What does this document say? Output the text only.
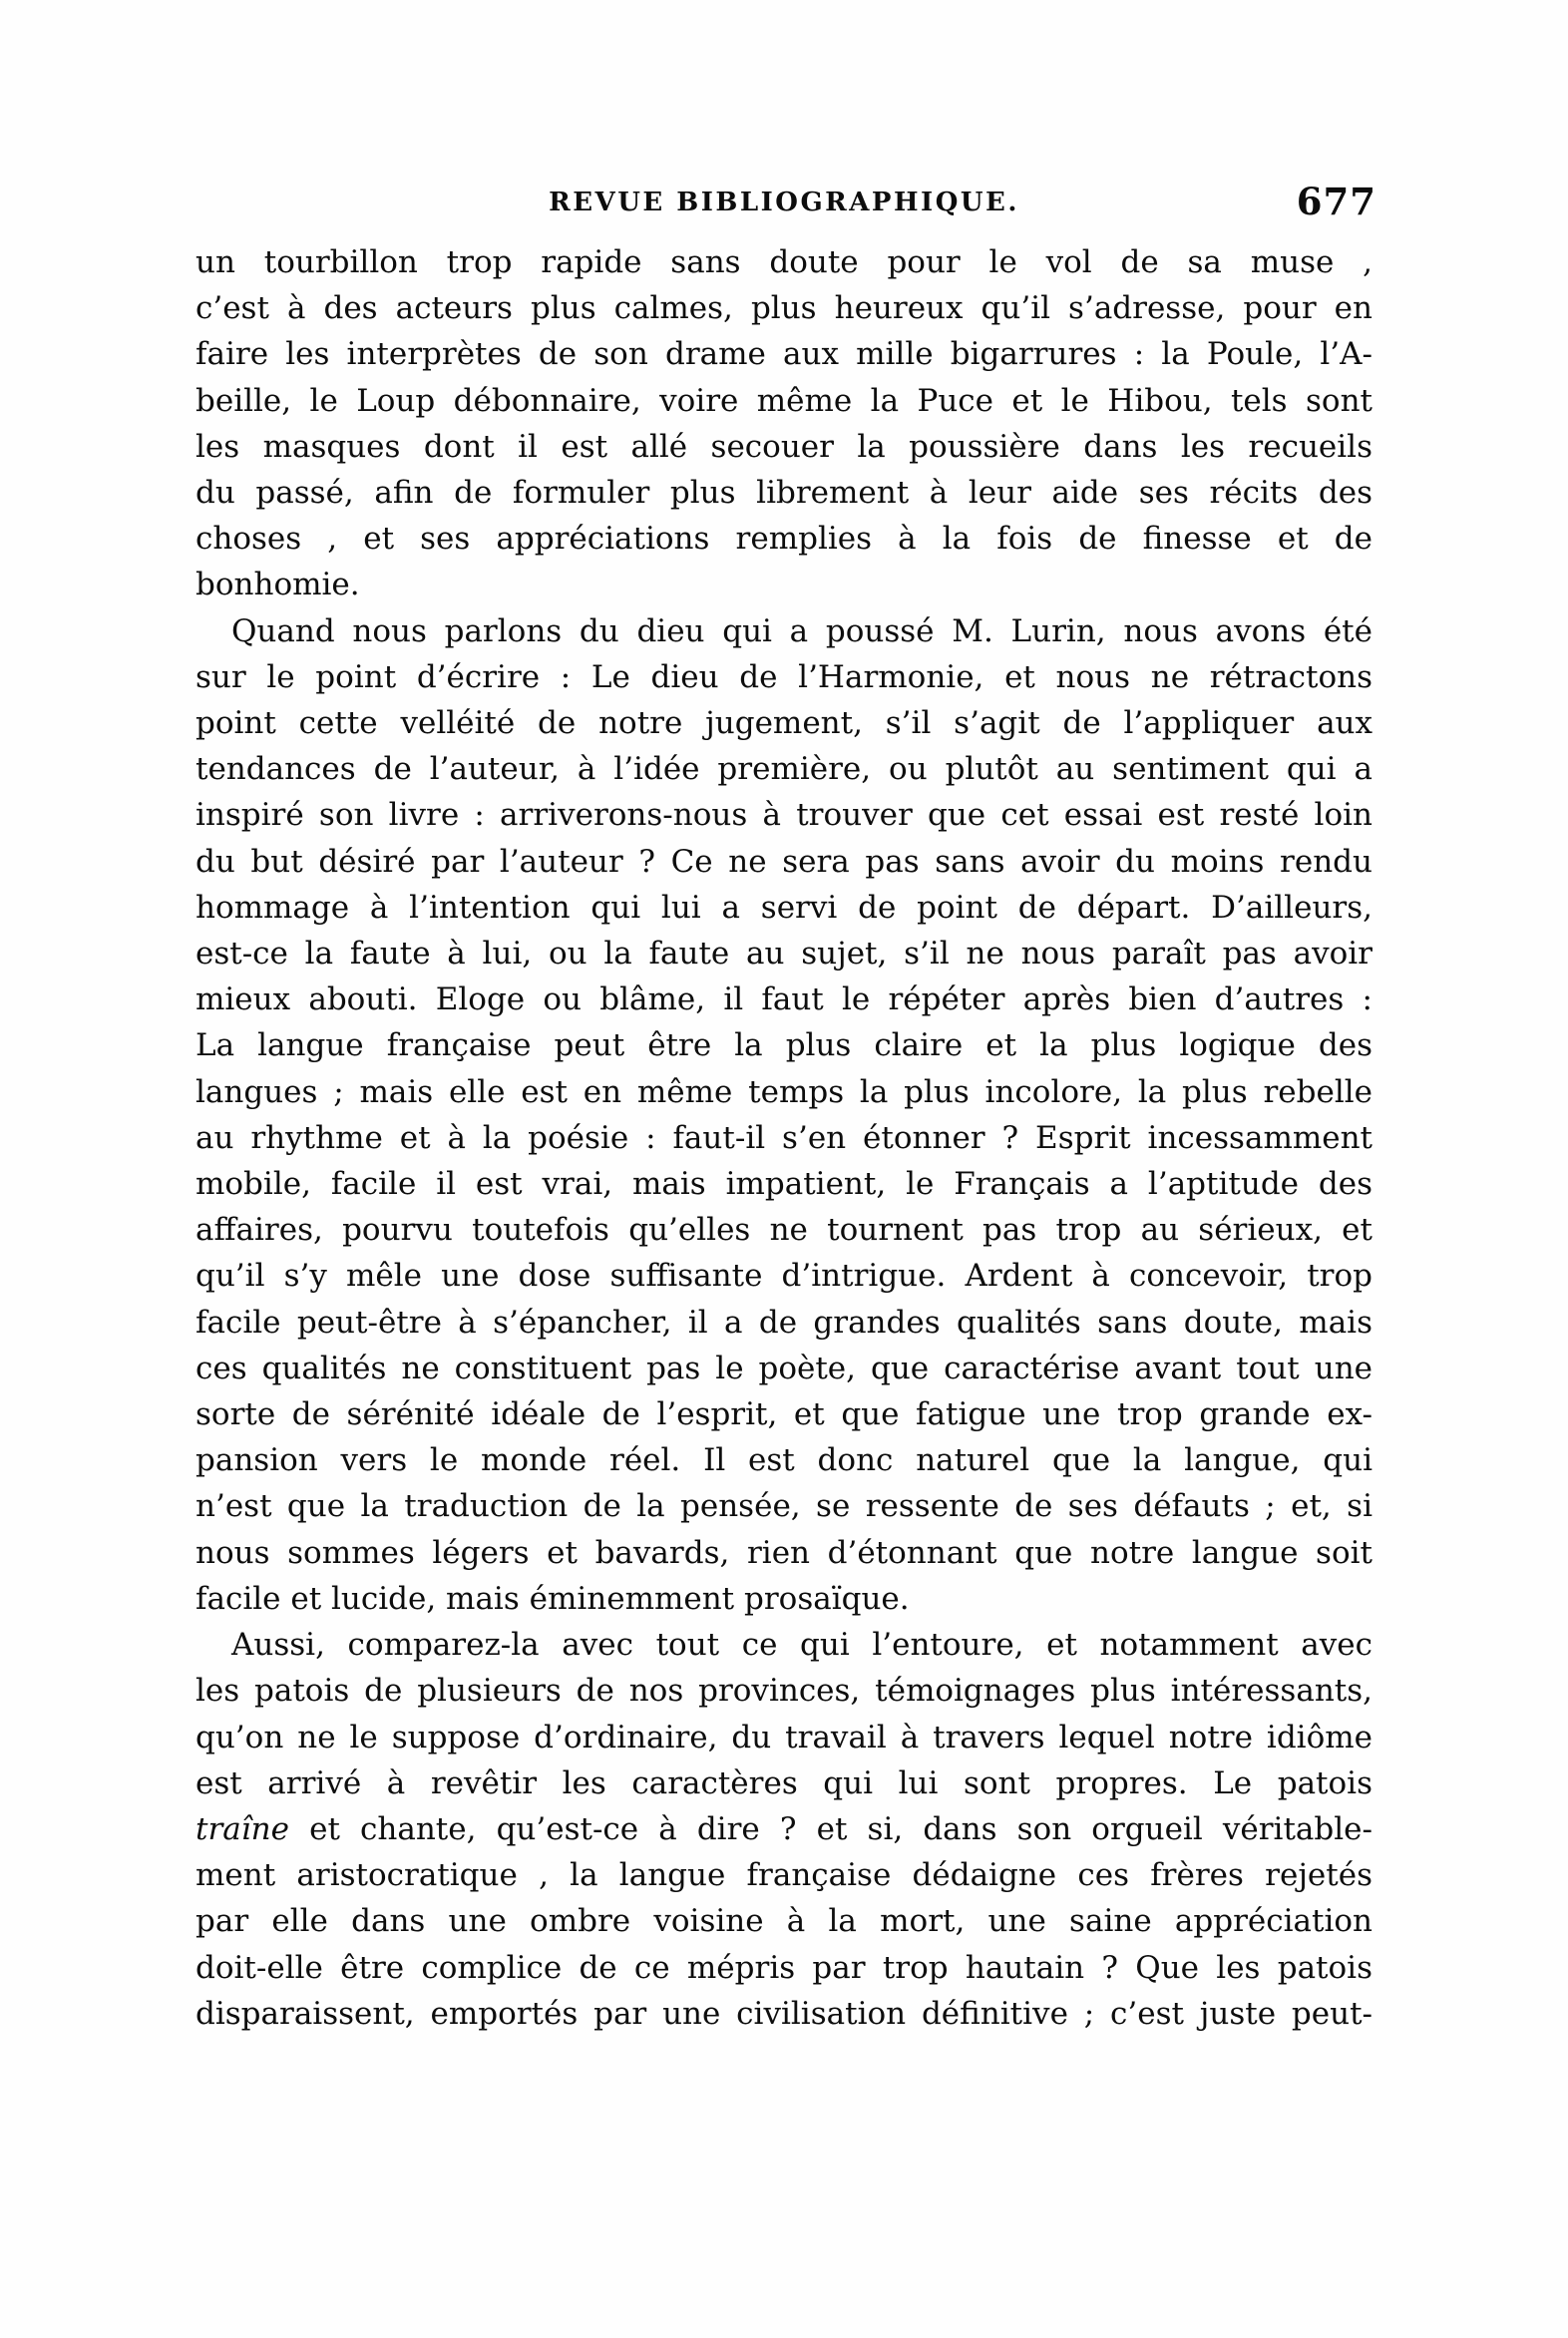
REVUE BIBLIOGRAPHIQUE.	677
un tourbillon trop rapide sans doute pour le vol de sa muse ,
c’est à des acteurs plus calmes, plus heureux qu’il s’adresse, pour en
faire les interprètes de son drame aux mille bigarrures : la Poule, l’A-
beille, le Loup débonnaire, voire même la Puce et le Hibou, tels sont
les masques dont il est allé secouer la poussière dans les recueils
du passé, afin de formuler plus librement à leur aide ses récits des
choses , et ses appréciations remplies à la fois de finesse et de
bonhomie.
Quand nous parlons du dieu qui a poussé M. Lurin, nous avons été
sur le point d’écrire : Le dieu de l’Harmonie, et nous ne rétractons
point cette velléité de notre jugement, s’il s’agit de l’appliquer aux
tendances de l’auteur, à l’idée première, ou plutôt au sentiment qui a
inspiré son livre : arriverons-nous à trouver que cet essai est resté loin
du but désiré par l’auteur ? Ce ne sera pas sans avoir du moins rendu
hommage à l’intention qui lui a servi de point de départ. D’ailleurs,
est-ce la faute à lui, ou la faute au sujet, s’il ne nous paraît pas avoir
mieux abouti. Eloge ou blâme, il faut le répéter après bien d’autres :
La langue française peut être la plus claire et la plus logique des
langues ; mais elle est en même temps la plus incolore, la plus rebelle
au rhythme et à la poésie : faut-il s’en étonner ? Esprit incessamment
mobile, facile il est vrai, mais impatient, le Français a l’aptitude des
affaires, pourvu toutefois qu’elles ne tournent pas trop au sérieux, et
qu’il s’y mêle une dose suffisante d’intrigue. Ardent à concevoir, trop
facile peut-être à s’épancher, il a de grandes qualités sans doute, mais
ces qualités ne constituent pas le poète, que caractérise avant tout une
sorte de sérénité idéale de l’esprit, et que fatigue une trop grande ex-
pansion vers le monde réel. Il est donc naturel que la langue, qui
n’est que la traduction de la pensée, se ressente de ses défauts ; et, si
nous sommes légers et bavards, rien d’étonnant que notre langue soit
facile et lucide, mais éminemment prosaïque.
Aussi, comparez-la avec tout ce qui l’entoure, et notamment avec
les patois de plusieurs de nos provinces, témoignages plus intéressants,
qu’on ne le suppose d’ordinaire, du travail à travers lequel notre idiôme
est arrivé à revêtir les caractères qui lui sont propres. Le patois
traîne et chante, qu’est-ce à dire ? et si, dans son orgueil véritable-
ment aristocratique , la langue française dédaigne ces frères rejetés
par elle dans une ombre voisine à la mort, une saine appréciation
doit-elle être complice de ce mépris par trop hautain ? Que les patois
disparaissent, emportés par une civilisation définitive ; c’est juste peut-
